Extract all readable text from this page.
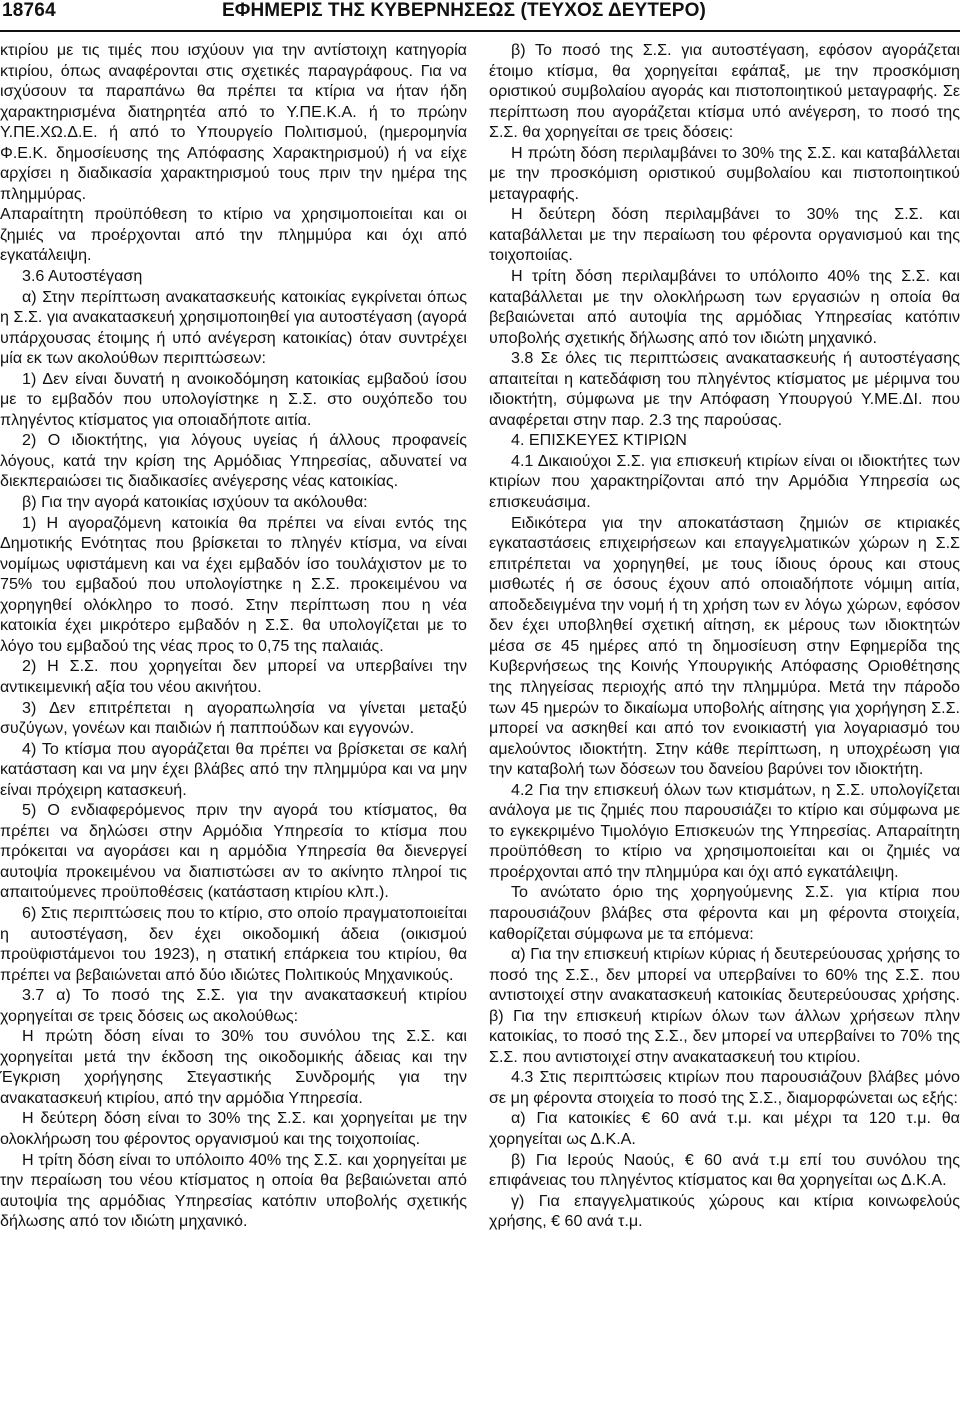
18764	ΕΦΗΜΕΡΙΣ ΤΗΣ ΚΥΒΕΡΝΗΣΕΩΣ (ΤΕΥΧΟΣ ΔΕΥΤΕΡΟ)

κτιρίου με τις τιμές που ισχύουν για την αντίστοιχη κατηγορία κτιρίου, όπως αναφέρονται στις σχετικές παραγράφους. Για να ισχύσουν τα παραπάνω θα πρέπει τα κτίρια να ήταν ήδη χαρακτηρισμένα διατηρητέα από το Υ.ΠΕ.Κ.Α. ή το πρώην Υ.ΠΕ.ΧΩ.Δ.Ε. ή από το Υπουργείο Πολιτισμού, (ημερομηνία Φ.Ε.Κ. δημοσίευσης της Απόφασης Χαρακτηρισμού) ή να είχε αρχίσει η διαδικασία χαρακτηρισμού τους πριν την ημέρα της πλημμύρας.

Απαραίτητη προϋπόθεση το κτίριο να χρησιμοποιείται και οι ζημιές να προέρχονται από την πλημμύρα και όχι από εγκατάλειψη.

3.6 Αυτοστέγαση

α) Στην περίπτωση ανακατασκευής κατοικίας εγκρίνεται όπως η Σ.Σ. για ανακατασκευή χρησιμοποιηθεί για αυτοστέγαση (αγορά υπάρχουσας έτοιμης ή υπό ανέγερση κατοικίας) όταν συντρέχει μία εκ των ακολούθων περιπτώσεων:

1) Δεν είναι δυνατή η ανοικοδόμηση κατοικίας εμβαδού ίσου με το εμβαδόν που υπολογίστηκε η Σ.Σ. στο ουχόπεδο του πληγέντος κτίσματος για οποιαδήποτε αιτία.

2) Ο ιδιοκτήτης, για λόγους υγείας ή άλλους προφανείς λόγους, κατά την κρίση της Αρμόδιας Υπηρεσίας, αδυνατεί να διεκπεραιώσει τις διαδικασίες ανέγερσης νέας κατοικίας.

β) Για την αγορά κατοικίας ισχύουν τα ακόλουθα:

1) Η αγοραζόμενη κατοικία θα πρέπει να είναι εντός της Δημοτικής Ενότητας που βρίσκεται το πληγέν κτίσμα, να είναι νομίμως υφιστάμενη και να έχει εμβαδόν ίσο τουλάχιστον με το 75% του εμβαδού που υπολογίστηκε η Σ.Σ. προκειμένου να χορηγηθεί ολόκληρο το ποσό. Στην περίπτωση που η νέα κατοικία έχει μικρότερο εμβαδόν η Σ.Σ. θα υπολογίζεται με το λόγο του εμβαδού της νέας προς το 0,75 της παλαιάς.

2) Η Σ.Σ. που χορηγείται δεν μπορεί να υπερβαίνει την αντικειμενική αξία του νέου ακινήτου.

3) Δεν επιτρέπεται η αγοραπωλησία να γίνεται μεταξύ συζύγων, γονέων και παιδιών ή παππούδων και εγγονών.

4) Το κτίσμα που αγοράζεται θα πρέπει να βρίσκεται σε καλή κατάσταση και να μην έχει βλάβες από την πλημμύρα και να μην είναι πρόχειρη κατασκευή.

5) Ο ενδιαφερόμενος πριν την αγορά του κτίσματος, θα πρέπει να δηλώσει στην Αρμόδια Υπηρεσία το κτίσμα που πρόκειται να αγοράσει και η αρμόδια Υπηρεσία θα διενεργεί αυτοψία προκειμένου να διαπιστώσει αν το ακίνητο πληροί τις απαιτούμενες προϋποθέσεις (κατάσταση κτιρίου κλπ.).

6) Στις περιπτώσεις που το κτίριο, στο οποίο πραγματοποιείται η αυτοστέγαση, δεν έχει οικοδομική άδεια (οικισμού προϋφιστάμενοι του 1923), η στατική επάρκεια του κτιρίου, θα πρέπει να βεβαιώνεται από δύο ιδιώτες Πολιτικούς Μηχανικούς.

3.7 α) Το ποσό της Σ.Σ. για την ανακατασκευή κτιρίου χορηγείται σε τρεις δόσεις ως ακολούθως:

Η πρώτη δόση είναι το 30% του συνόλου της Σ.Σ. και χορηγείται μετά την έκδοση της οικοδομικής άδειας και την Έγκριση χορήγησης Στεγαστικής Συνδρομής για την ανακατασκευή κτιρίου, από την αρμόδια Υπηρεσία.

Η δεύτερη δόση είναι το 30% της Σ.Σ. και χορηγείται με την ολοκλήρωση του φέροντος οργανισμού και της τοιχοποιίας.

Η τρίτη δόση είναι το υπόλοιπο 40% της Σ.Σ. και χορηγείται με την περαίωση του νέου κτίσματος η οποία θα βεβαιώνεται από αυτοψία της αρμόδιας Υπηρεσίας κατόπιν υποβολής σχετικής δήλωσης από τον ιδιώτη μηχανικό.

β) Το ποσό της Σ.Σ. για αυτοστέγαση, εφόσον αγοράζεται έτοιμο κτίσμα, θα χορηγείται εφάπαξ, με την προσκόμιση οριστικού συμβολαίου αγοράς και πιστοποιητικού μεταγραφής. Σε περίπτωση που αγοράζεται κτίσμα υπό ανέγερση, το ποσό της Σ.Σ. θα χορηγείται σε τρεις δόσεις:

Η πρώτη δόση περιλαμβάνει το 30% της Σ.Σ. και καταβάλλεται με την προσκόμιση οριστικού συμβολαίου και πιστοποιητικού μεταγραφής.

Η δεύτερη δόση περιλαμβάνει το 30% της Σ.Σ. και καταβάλλεται με την περαίωση του φέροντα οργανισμού και της τοιχοποιίας.

Η τρίτη δόση περιλαμβάνει το υπόλοιπο 40% της Σ.Σ. και καταβάλλεται με την ολοκλήρωση των εργασιών η οποία θα βεβαιώνεται από αυτοψία της αρμόδιας Υπηρεσίας κατόπιν υποβολής σχετικής δήλωσης από τον ιδιώτη μηχανικό.

3.8 Σε όλες τις περιπτώσεις ανακατασκευής ή αυτοστέγασης απαιτείται η κατεδάφιση του πληγέντος κτίσματος με μέριμνα του ιδιοκτήτη, σύμφωνα με την Απόφαση Υπουργού Υ.ΜΕ.ΔΙ. που αναφέρεται στην παρ. 2.3 της παρούσας.

4. ΕΠΙΣΚΕΥΕΣ ΚΤΙΡΙΩΝ

4.1 Δικαιούχοι Σ.Σ. για επισκευή κτιρίων είναι οι ιδιοκτήτες των κτιρίων που χαρακτηρίζονται από την Αρμόδια Υπηρεσία ως επισκευάσιμα.

Ειδικότερα για την αποκατάσταση ζημιών σε κτιριακές εγκαταστάσεις επιχειρήσεων και επαγγελματικών χώρων η Σ.Σ επιτρέπεται να χορηγηθεί, με τους ίδιους όρους και στους μισθωτές ή σε όσους έχουν από οποιαδήποτε νόμιμη αιτία, αποδεδειγμένα την νομή ή τη χρήση των εν λόγω χώρων, εφόσον δεν έχει υποβληθεί σχετική αίτηση, εκ μέρους των ιδιοκτητών μέσα σε 45 ημέρες από τη δημοσίευση στην Εφημερίδα της Κυβερνήσεως της Κοινής Υπουργικής Απόφασης Οριοθέτησης της πληγείσας περιοχής από την πλημμύρα. Μετά την πάροδο των 45 ημερών το δικαίωμα υποβολής αίτησης για χορήγηση Σ.Σ. μπορεί να ασκηθεί και από τον ενοικιαστή για λογαριασμό του αμελούντος ιδιοκτήτη. Στην κάθε περίπτωση, η υποχρέωση για την καταβολή των δόσεων του δανείου βαρύνει τον ιδιοκτήτη.

4.2 Για την επισκευή όλων των κτισμάτων, η Σ.Σ. υπολογίζεται ανάλογα με τις ζημιές που παρουσιάζει το κτίριο και σύμφωνα με το εγκεκριμένο Τιμολόγιο Επισκευών της Υπηρεσίας. Απαραίτητη προϋπόθεση το κτίριο να χρησιμοποιείται και οι ζημιές να προέρχονται από την πλημμύρα και όχι από εγκατάλειψη.

Το ανώτατο όριο της χορηγούμενης Σ.Σ. για κτίρια που παρουσιάζουν βλάβες στα φέροντα και μη φέροντα στοιχεία, καθορίζεται σύμφωνα με τα επόμενα:

α) Για την επισκευή κτιρίων κύριας ή δευτερεύουσας χρήσης το ποσό της Σ.Σ., δεν μπορεί να υπερβαίνει το 60% της Σ.Σ. που αντιστοιχεί στην ανακατασκευή κατοικίας δευτερεύουσας χρήσης. β) Για την επισκευή κτιρίων όλων των άλλων χρήσεων πλην κατοικίας, το ποσό της Σ.Σ., δεν μπορεί να υπερβαίνει το 70% της Σ.Σ. που αντιστοιχεί στην ανακατασκευή του κτιρίου.

4.3 Στις περιπτώσεις κτιρίων που παρουσιάζουν βλάβες μόνο σε μη φέροντα στοιχεία το ποσό της Σ.Σ., διαμορφώνεται ως εξής:

α) Για κατοικίες € 60 ανά τ.μ. και μέχρι τα 120 τ.μ. θα χορηγείται ως Δ.Κ.Α.

β) Για Ιερούς Ναούς, € 60 ανά τ.μ επί του συνόλου της επιφάνειας του πληγέντος κτίσματος και θα χορηγείται ως Δ.Κ.Α.

γ) Για επαγγελματικούς χώρους και κτίρια κοινωφελούς χρήσης, € 60 ανά τ.μ.
